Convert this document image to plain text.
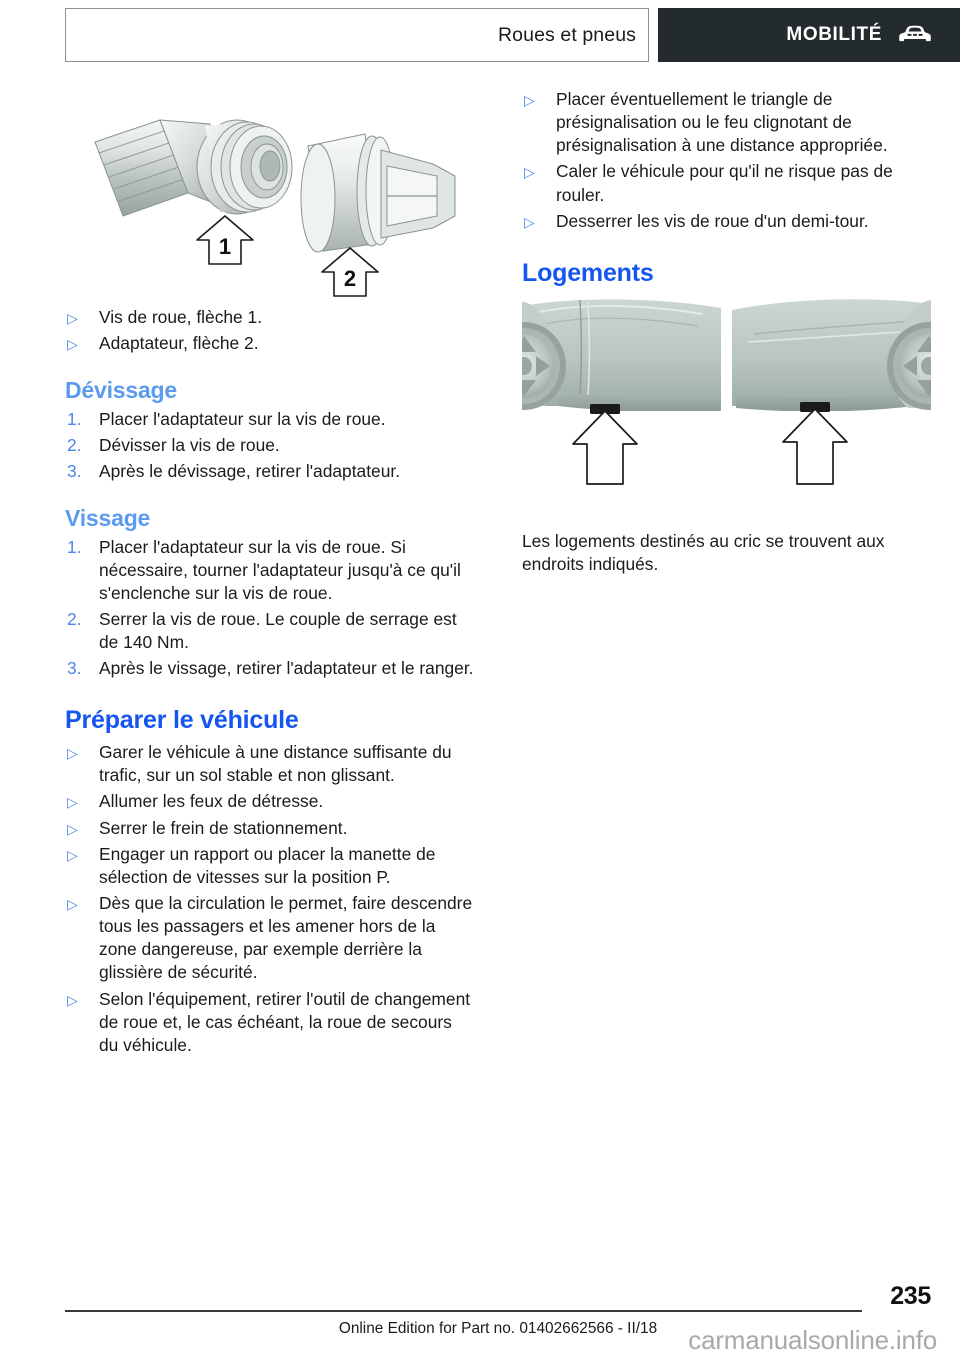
Roues et pneus	MOBILITÉ
1
2
▷ Vis de roue, flèche 1.
▷ Adaptateur, flèche 2.
Dévissage
1. Placer l'adaptateur sur la vis de roue.
2. Dévisser la vis de roue.
3. Après le dévissage, retirer l'adaptateur.
Vissage
1. Placer l'adaptateur sur la vis de roue. Si nécessaire, tourner l'adaptateur jusqu'à ce qu'il s'enclenche sur la vis de roue.
2. Serrer la vis de roue. Le couple de serrage est de 140 Nm.
3. Après le vissage, retirer l'adaptateur et le ranger.
Préparer le véhicule
▷ Garer le véhicule à une distance suffisante du trafic, sur un sol stable et non glissant.
▷ Allumer les feux de détresse.
▷ Serrer le frein de stationnement.
▷ Engager un rapport ou placer la manette de sélection de vitesses sur la position P.
▷ Dès que la circulation le permet, faire descendre tous les passagers et les amener hors de la zone dangereuse, par exemple derrière la glissière de sécurité.
▷ Selon l'équipement, retirer l'outil de changement de roue et, le cas échéant, la roue de secours du véhicule.
▷ Placer éventuellement le triangle de présignalisation ou le feu clignotant de présignalisation à une distance appropriée.
▷ Caler le véhicule pour qu'il ne risque pas de rouler.
▷ Desserrer les vis de roue d'un demi-tour.
Logements

Les logements destinés au cric se trouvent aux endroits indiqués.

235
Online Edition for Part no. 01402662566 - II/18	carmanualsonline.info
